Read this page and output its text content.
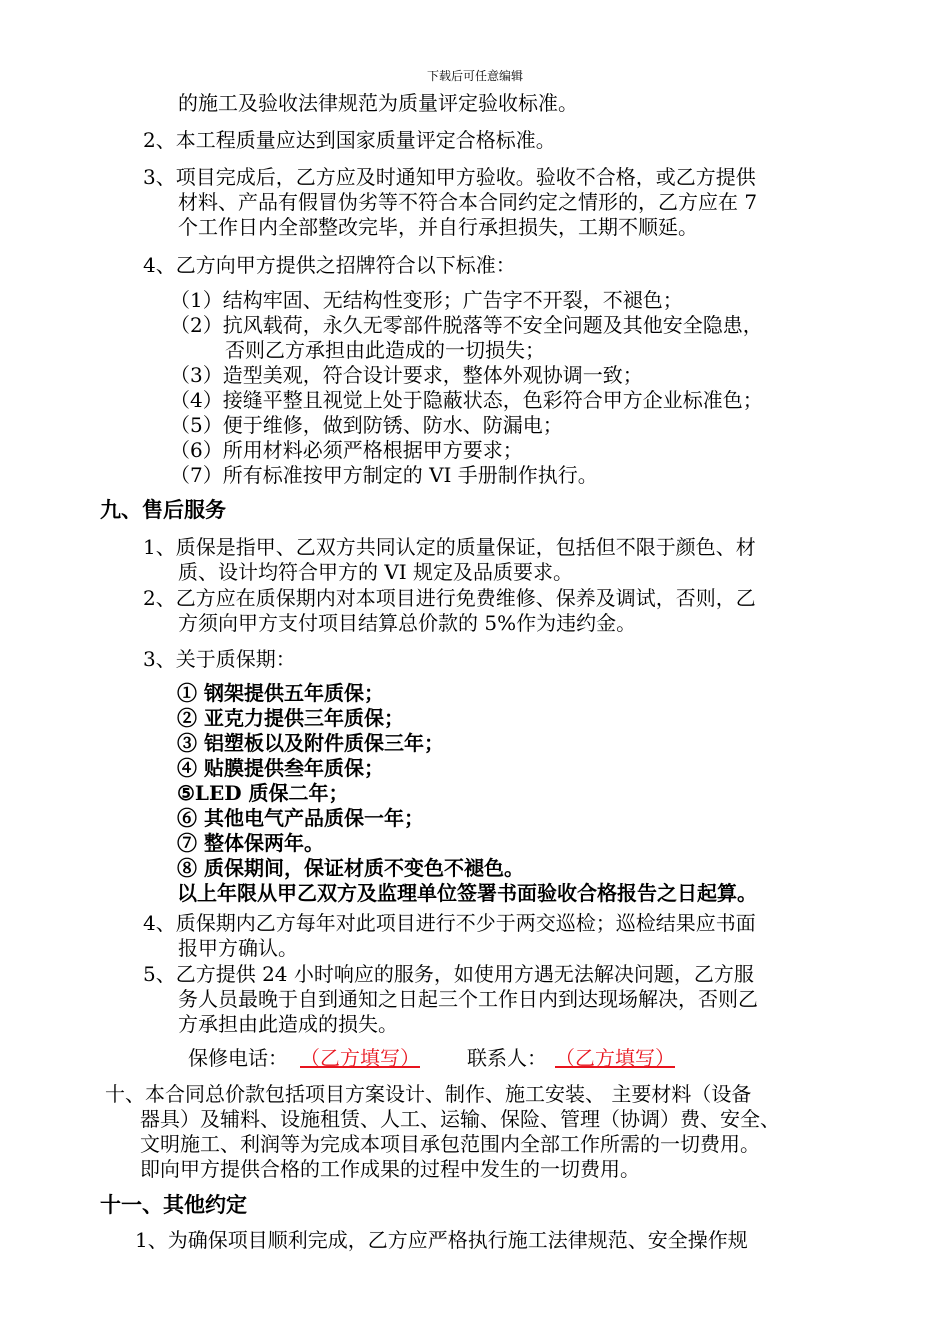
下载后可任意编辑
的施工及验收法律规范为质量评定验收标准。
2、本工程质量应达到国家质量评定合格标准。
3、项目完成后，乙方应及时通知甲方验收。验收不合格，或乙方提供
材料、产品有假冒伪劣等不符合本合同约定之情形的，乙方应在 7
个工作日内全部整改完毕，并自行承担损失，工期不顺延。
4、乙方向甲方提供之招牌符合以下标准：
（1）结构牢固、无结构性变形；广告字不开裂，不褪色；
（2）抗风载荷，永久无零部件脱落等不安全问题及其他安全隐患，
否则乙方承担由此造成的一切损失；
（3）造型美观，符合设计要求，整体外观协调一致；
（4）接缝平整且视觉上处于隐蔽状态，色彩符合甲方企业标准色；
（5）便于维修，做到防锈、防水、防漏电；
（6）所用材料必须严格根据甲方要求；
（7）所有标准按甲方制定的 VI 手册制作执行。
九、售后服务
1、质保是指甲、乙双方共同认定的质量保证，包括但不限于颜色、材
质、设计均符合甲方的 VI 规定及品质要求。
2、乙方应在质保期内对本项目进行免费维修、保养及调试，否则，乙
方须向甲方支付项目结算总价款的 5%作为违约金。
3、关于质保期：
① 钢架提供五年质保；
② 亚克力提供三年质保；
③ 铝塑板以及附件质保三年；
④ 贴膜提供叁年质保；
⑤LED 质保二年；
⑥ 其他电气产品质保一年；
⑦ 整体保两年。
⑧ 质保期间，保证材质不变色不褪色。
以上年限从甲乙双方及监理单位签署书面验收合格报告之日起算。
4、质保期内乙方每年对此项目进行不少于两交巡检；巡检结果应书面
报甲方确认。
5、乙方提供 24 小时响应的服务，如使用方遇无法解决问题，乙方服
务人员最晚于自到通知之日起三个工作日内到达现场解决，否则乙
方承担由此造成的损失。
保修电话： （乙方填写） 联系人： （乙方填写）
十、本合同总价款包括项目方案设计、制作、施工安装、 主要材料（设备
器具）及辅料、设施租赁、人工、运输、保险、管理（协调）费、安全、
文明施工、利润等为完成本项目承包范围内全部工作所需的一切费用。
即向甲方提供合格的工作成果的过程中发生的一切费用。
十一、其他约定
1、为确保项目顺利完成，乙方应严格执行施工法律规范、安全操作规
